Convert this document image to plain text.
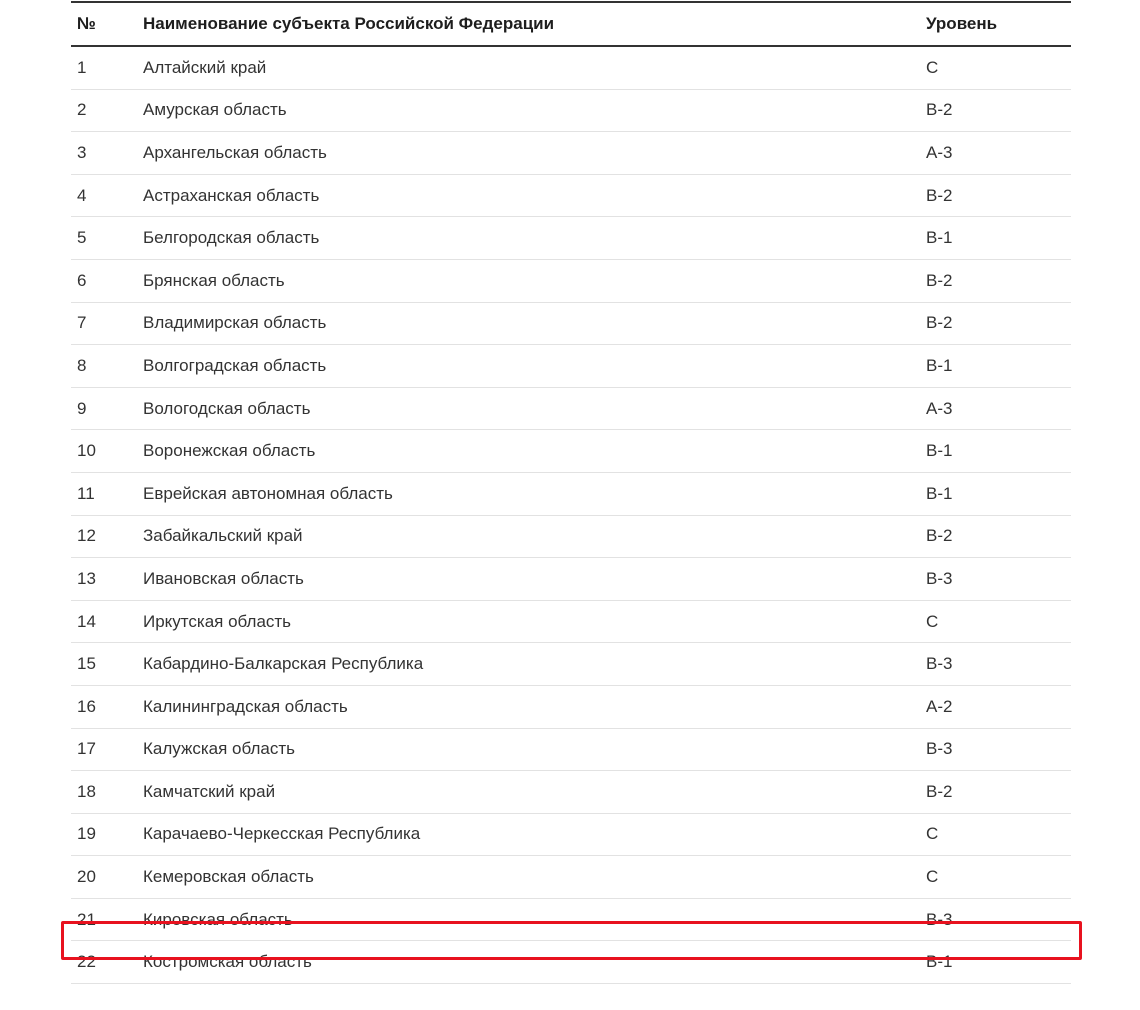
№	Наименование субъекта Российской Федерации	Уровень
1	Алтайский край	С
2	Амурская область	В-2
3	Архангельская область	А-3
4	Астраханская область	В-2
5	Белгородская область	В-1
6	Брянская область	В-2
7	Владимирская область	В-2
8	Волгоградская область	В-1
9	Вологодская область	А-3
10	Воронежская область	В-1
11	Еврейская автономная область	В-1
12	Забайкальский край	В-2
13	Ивановская область	В-3
14	Иркутская область	С
15	Кабардино-Балкарская Республика	В-3
16	Калининградская область	А-2
17	Калужская область	В-3
18	Камчатский край	В-2
19	Карачаево-Черкесская Республика	С
20	Кемеровская область	С
21	Кировская область	В-3
22	Костромская область	В-1
